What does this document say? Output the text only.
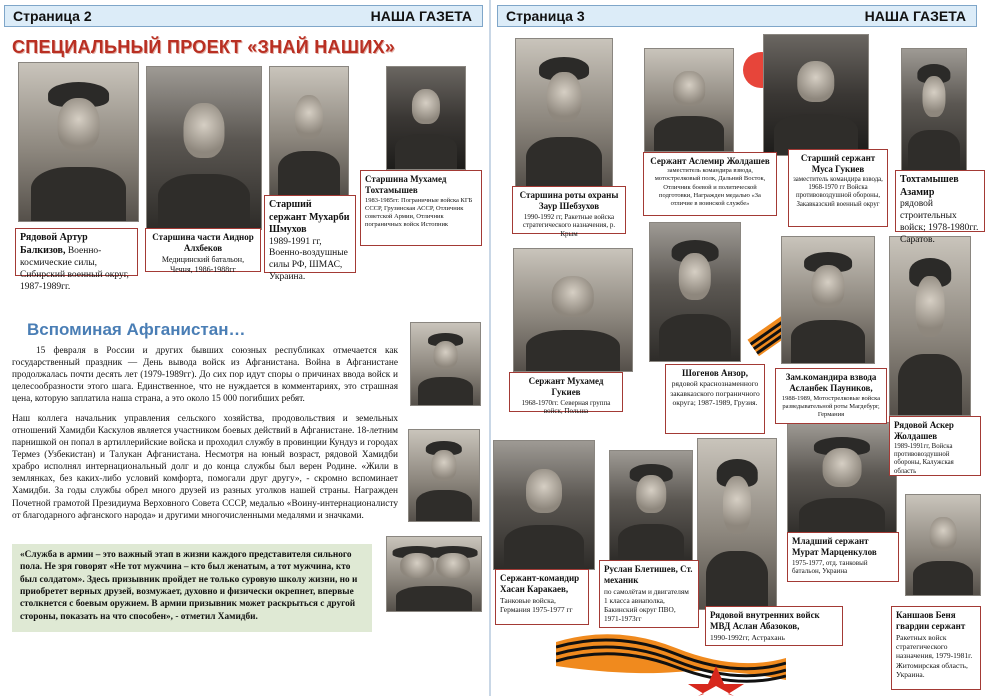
Страница 2	НАША ГАЗЕТА
СПЕЦИАЛЬНЫЙ ПРОЕКТ «ЗНАЙ НАШИХ»
Рядовой Артур Балкизов, Военно-космические силы, Сибирский военный округ, 1987-1989гг.
Старшина части Аиднор Алхбеков
Медицинский батальон, Чечня, 1986-1988гг
Старший сержант Мухарби Шмухов
1989-1991 гг, Военно-воздушные силы РФ, ШМАС, Украина.
Старшина Мухамед Тохтамышев
1983-1985гг. Пограничные войска КГБ СССР, Грузинская АССР, Отличник советской Армии, Отличник пограничных войск Истопник
Вспоминая Афганистан…
15 февраля в России и других бывших союзных республиках отмечается как государственный праздник — День вывода войск из Афганистана. Война в Афганистане продолжалась почти десять лет (1979-1989гг). До сих пор идут споры о причинах ввода войск и целесообразности этого шага. Единственное, что не нуждается в комментариях, это страшная цена, которую заплатила наша страна, а это около 15 000 погибших ребят.
Наш коллега начальник управления сельского хозяйства, продовольствия и земельных отношений Хамидби Каскулов является участником боевых действий в Афганистане. 18-летним парнишкой он попал в артиллерийские войска и проходил службу в провинции Кундуз и городах Термез (Узбекистан) и Талукан Афганистана. Несмотря на юный возраст, рядовой Хамидби храбро исполнял интернациональный долг и до конца службы был верен Родине. «Жили в землянках, без каких-либо условий комфорта, помогали друг другу», - скромно вспоминает Хамидби. За годы службы обрел много друзей из разных уголков нашей страны. Награжден Почетной грамотой Президиума Верховного Совета СССР, медалью «Воину-интернационалисту от благодарного афганского народа» и другими многочисленными медалями и значками.
«Служба в армии – это важный этап в жизни каждого представителя сильного пола. Не зря говорят «Не тот мужчина – кто был женатым, а тот мужчина, кто был солдатом». Здесь призывник пройдет не только суровую школу жизни, но и приобретет верных друзей, возмужает, духовно и физически окрепнет, впервые столкнется с боевым оружием. В армии призывник может раскрыться с другой стороны, показать на что способен», - отметил Хамидби.
Страница 3	НАША ГАЗЕТА
Старшина роты охраны Заур Шебзухов
1990-1992 гг, Ракетные войска стратегического назначения, р. Крым
Сержант Аслемир Жолдашев
заместитель командира взвода, мотострелковый полк, Дальний Восток, Отличник боевой и политической подготовки, Награжден медалью «За отличие в воинской службе»
Старший сержант Муса Гукиев
заместитель командира взвода, 1968-1970 гг Войска противовоздушной обороны, Закавказский военный округ
Тохтамышев Азамир
рядовой строительных войск; 1978-1980гг. Саратов.
Сержант Мухамед Гукиев
1968-1970гг. Северная группа войск, Польша
Шогенов Анзор,
рядовой краснознаменного закавказского пограничного округа; 1987-1989, Грузия.
Зам.командира взвода Асланбек Пауников,
1988-1989, Мотострелковые войска разведывательной роты Магдебург, Германия
Рядовой Аскер Жолдашев
1989-1991гг, Войска противовоздушной обороны, Калужская область
Сержант-командир Хасан Каракаев,
Танковые войска, Германия 1975-1977 гг
Руслан Блетишев, Ст. механик
по самолётам и двигателям 1 класса авиаполка, Бакинский округ ПВО, 1971-1973гг	Рядовой внутренних войск МВД Аслан Абазоков,
1990-1992гг, Астрахань
Младший сержант Мурат Марценкулов
1975-1977, отд. танковый батальон, Украина
Каншаов Беня гвардии сержант
Ракетных войск стратегического назначения, 1979-1981г. Житомирская область, Украина.
